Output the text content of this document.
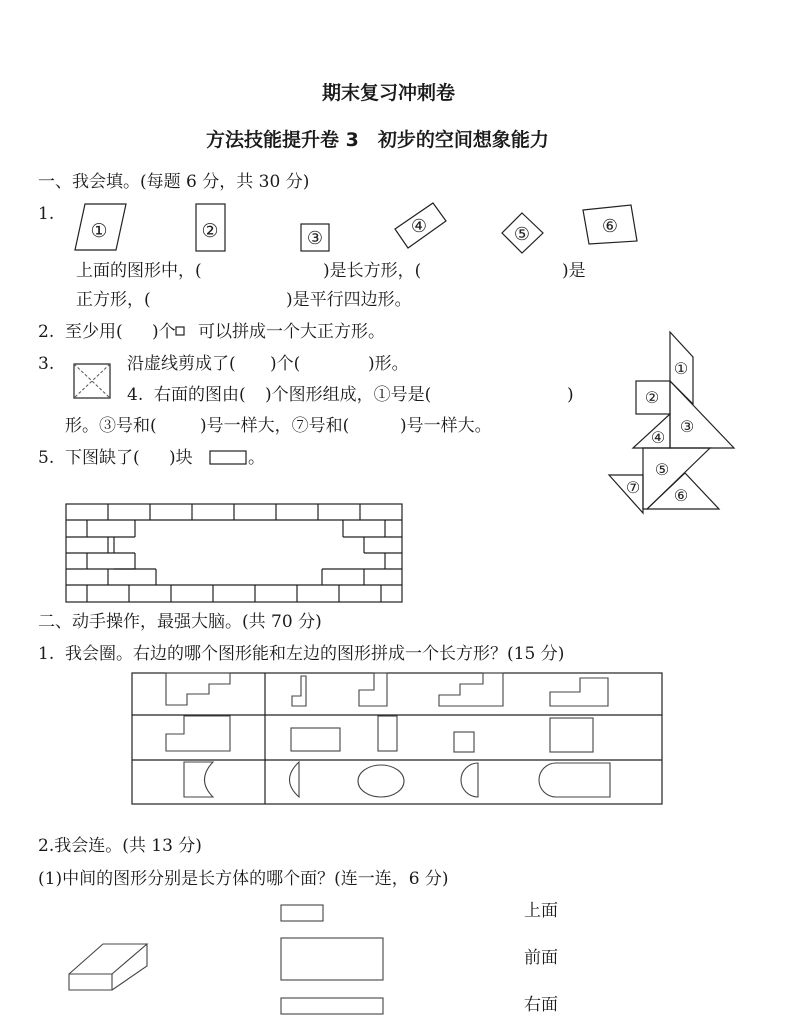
期末复习冲刺卷
方法技能提升卷 3　初步的空间想象能力
一、我会填。(每题 6 分，共 30 分)
1.
上面的图形中，(	)是长方形，(	)是
正方形，(	)是平行四边形。
2.  至少用( )个 可以拼成一个大正方形。
3.	沿虚线剪成了( )个(	)形。
4.  右面的图由( )个图形组成，①号是(	)
形。③号和(	)号一样大，⑦号和(	)号一样大。
5.  下图缺了( )块	。
二、动手操作，最强大脑。(共 70 分)
1.  我会圈。右边的哪个图形能和左边的图形拼成一个长方形？(15 分)
2.我会连。(共 13 分)
(1)中间的图形分别是长方体的哪个面？(连一连，6 分)
上面
前面
右面
①	②	③
④	⑤	⑥
①
②
③
④
⑤
⑥
⑦
